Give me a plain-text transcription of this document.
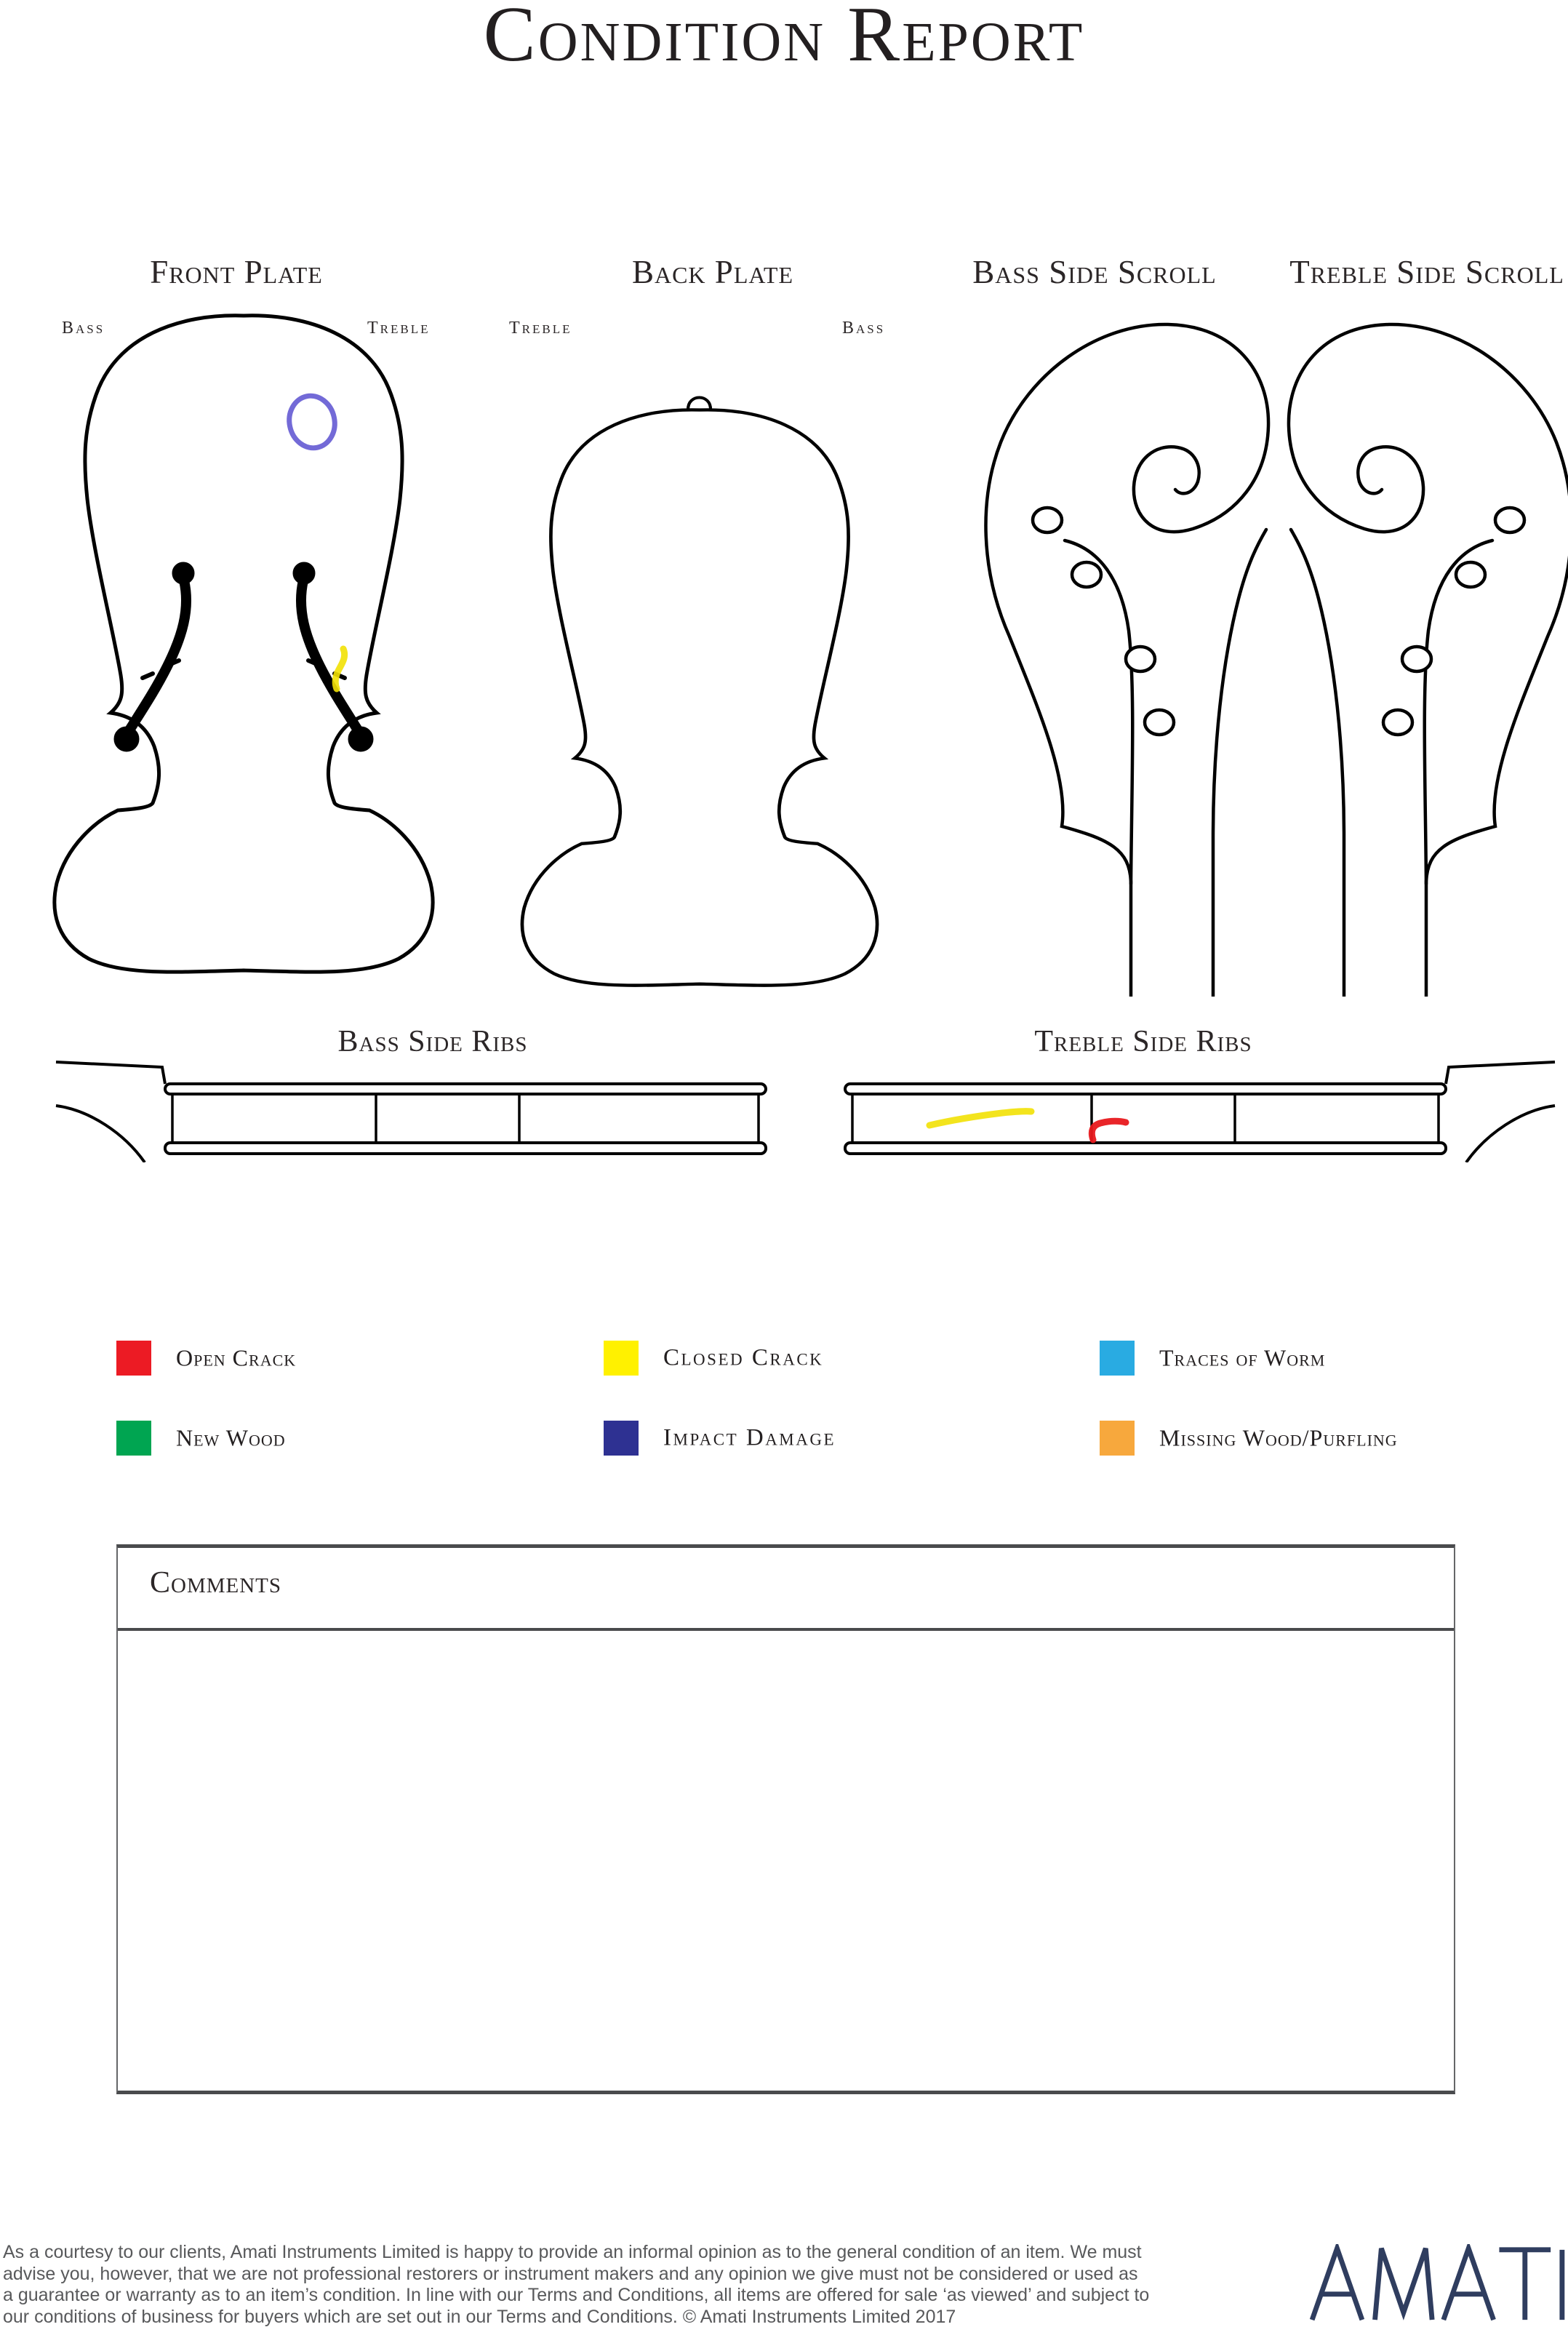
Condition Report
Front Plate	Back Plate	Bass Side Scroll Treble Side Scroll
Bass	Treble	Treble	Bass
Bass Side Ribs	Treble Side Ribs
Open Crack	Closed Crack	Traces of Worm
New Wood	Impact Damage	Missing Wood/Purfling
Comments
As a courtesy to our clients, Amati Instruments Limited is happy to provide an informal opinion as to the general condition of an item. We must
advise you, however, that we are not professional restorers or instrument makers and any opinion we give must not be considered or used as
a guarantee or warranty as to an item’s condition. In line with our Terms and Conditions, all items are offered for sale ‘as viewed’ and subject to
our conditions of business for buyers which are set out in our Terms and Conditions. © Amati Instruments Limited 2017
